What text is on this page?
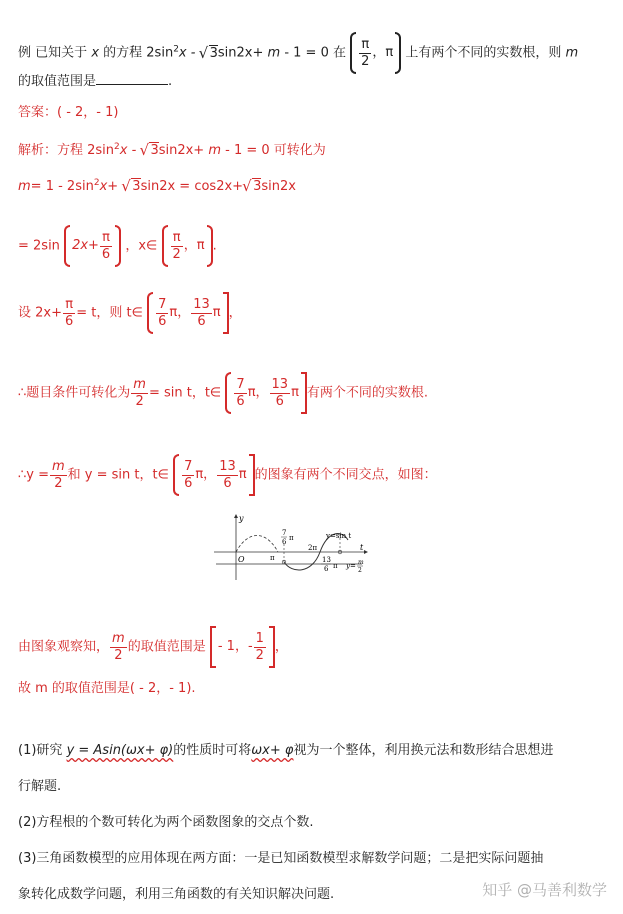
例 已知关于 x 的方程 $2\sin^2x$ - √ 3sin2x+ m - 1 = 0 在 $\frac{\pi}{2}$ ，π 上有两个不同的实数根，则 m
的取值范围是	.
答案：( - 2，- 1)
解析：方程 $2\sin^2x$ - √ 3sin2x+ m - 1 = 0 可转化为
$m= 1 - 2\sin^2x+$ √ 3sin2x = cos2x+ √ 3sin2x
= 2sin $2x+ \frac{\pi}{6}$ ，x∈ $\frac{\pi}{2}$ ，π .
设 $2x+ \frac{\pi}{6} = t$，则 t∈ $\frac{7}{6}$ π， $\frac{13}{6}$ π ，
∴题目条件可转化为 $\frac{m}{2} = \sin t$，t∈ $\frac{7}{6}$ π， $\frac{13}{6}$ π 有两个不同的实数根.
∴y = $\frac{m}{2}$ 和 y = sin t，t∈ $\frac{7}{6}$ π， $\frac{13}{6}$ π 的图象有两个不同交点，如图：
y
t
O
y=sin t
7
6 π
π
2π
13
6 π y= m
2
由图象观察知， $\frac{m}{2}$ 的取值范围是 - 1，- $\frac{1}{2}$ ，
故 m 的取值范围是( - 2，- 1).
(1)研究 y = Asin(ωx+ φ)的性质时可将ωx+ φ视为一个整体，利用换元法和数形结合思想进
行解题.
(2)方程根的个数可转化为两个函数图象的交点个数.
(3)三角函数模型的应用体现在两方面：一是已知函数模型求解数学问题；二是把实际问题抽
象转化成数学问题，利用三角函数的有关知识解决问题.	知乎 @马善利数学
